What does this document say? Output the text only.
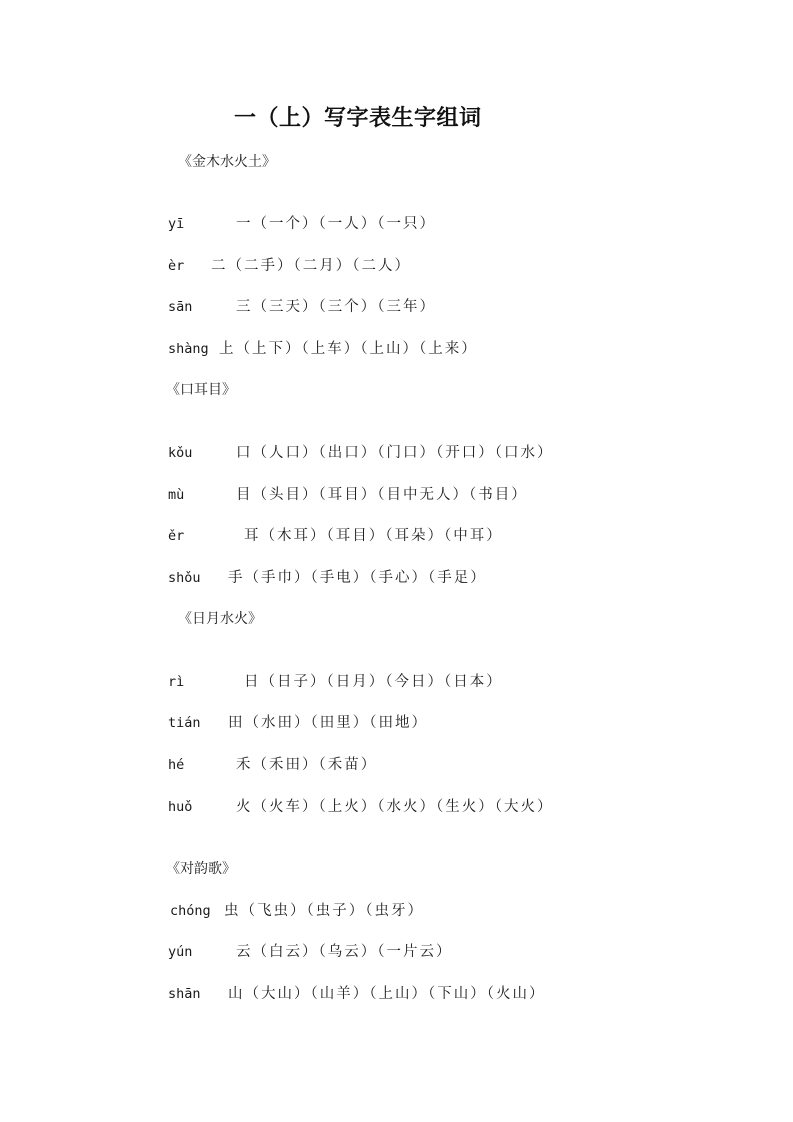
一（上）写字表生字组词
《金木水火土》
yī	一（一个）（一人）（一只）
èr 二（二手）（二月）（二人）
sān	三（三天）（三个）（三年）
shàng 上（上下）（上车）（上山）（上来）
《口耳目》
kǒu	口（人口）（出口）（门口）（开口）（口水）
mù	目（头目）（耳目）（目中无人）（书目）
ěr	耳（木耳）（耳目）（耳朵）（中耳）
shǒu 手（手巾）（手电）（手心）（手足）
《日月水火》
rì	日（日子）（日月）（今日）（日本）
tián 田（水田）（田里）（田地）
hé	禾（禾田）（禾苗）
huǒ	火（火车）（上火）（水火）（生火）（大火）
《对韵歌》
chóng 虫（飞虫）（虫子）（虫牙）
yún	云（白云）（乌云）（一片云）
shān 山（大山）（山羊）（上山）（下山）（火山）
